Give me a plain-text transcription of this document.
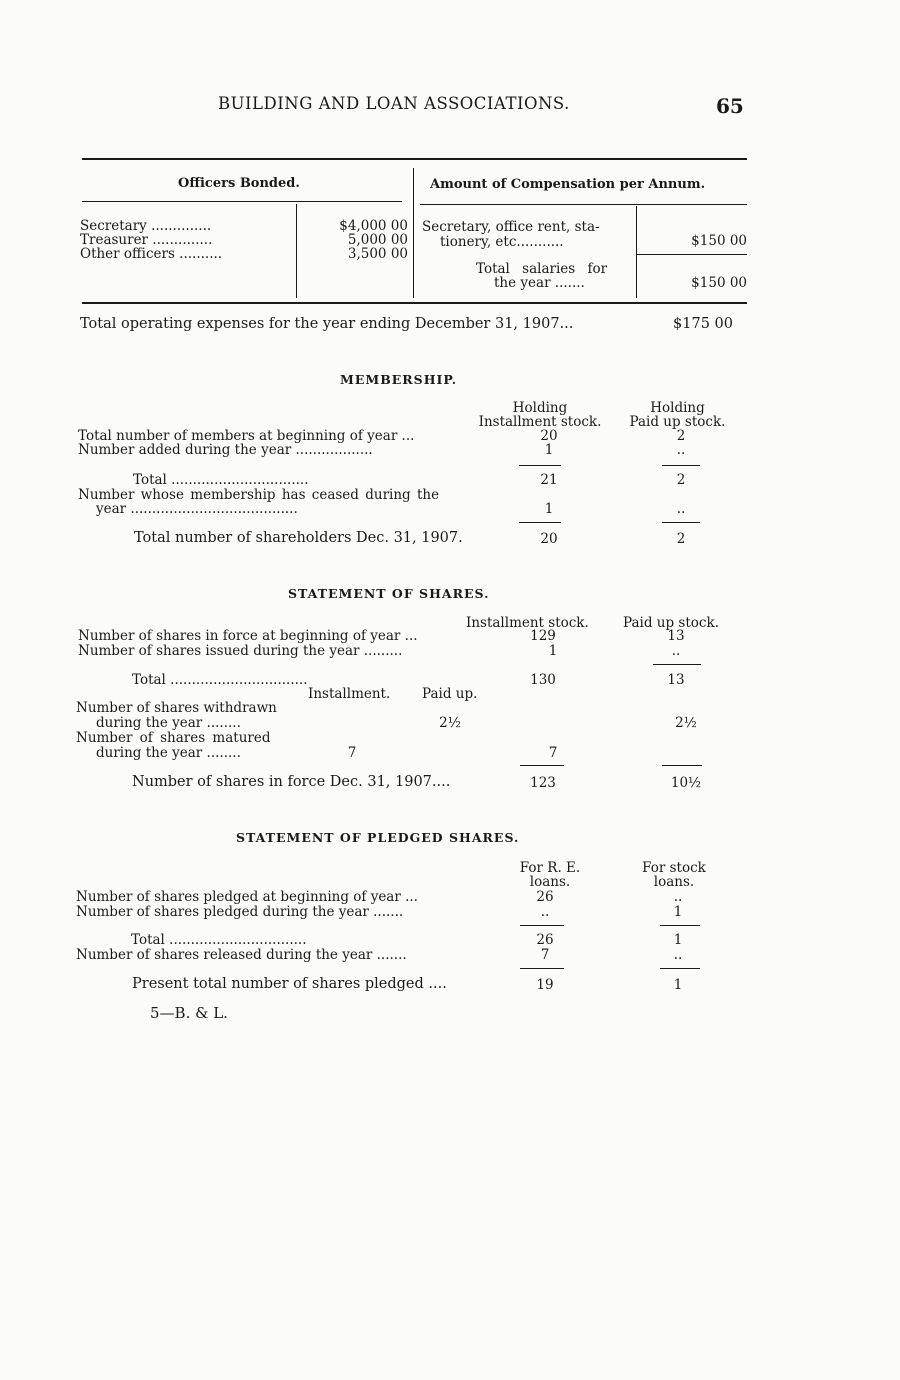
BUILDING AND LOAN ASSOCIATIONS.	65
Officers Bonded.	Amount of Compensation per Annum.
Secretary ..............	$4,000 00
Treasurer ..............	5,000 00
Other officers ..........	3,500 00
Secretary, office rent, sta-
tionery, etc...........	$150 00
Total salaries for
the year .......	$150 00
Total operating expenses for the year ending December 31, 1907...	$175 00
MEMBERSHIP.
Holding
Installment stock.
Holding
Paid up stock.
Total number of members at beginning of year ...	20	2
Number added during the year ..................	1	..
Total ................................	21	2
Number whose membership has ceased during the
year .......................................	1	..
Total number of shareholders Dec. 31, 1907.	20	2
STATEMENT OF SHARES.
Installment stock.	Paid up stock.
Number of shares in force at beginning of year ...	129	13
Number of shares issued during the year .........	1	..
Total ................................	130	13
Installment. Paid up.
Number of shares withdrawn
during the year ........	2½	2½
Number of shares matured
during the year ........	7	7
Number of shares in force Dec. 31, 1907....	123	10½
STATEMENT OF PLEDGED SHARES.
For R. E.
loans.
For stock
loans.
Number of shares pledged at beginning of year ...	26	..
Number of shares pledged during the year .......	..	1
Total ................................	26	1
Number of shares released during the year .......	7	..
Present total number of shares pledged ....	19	1
5—B. & L.
